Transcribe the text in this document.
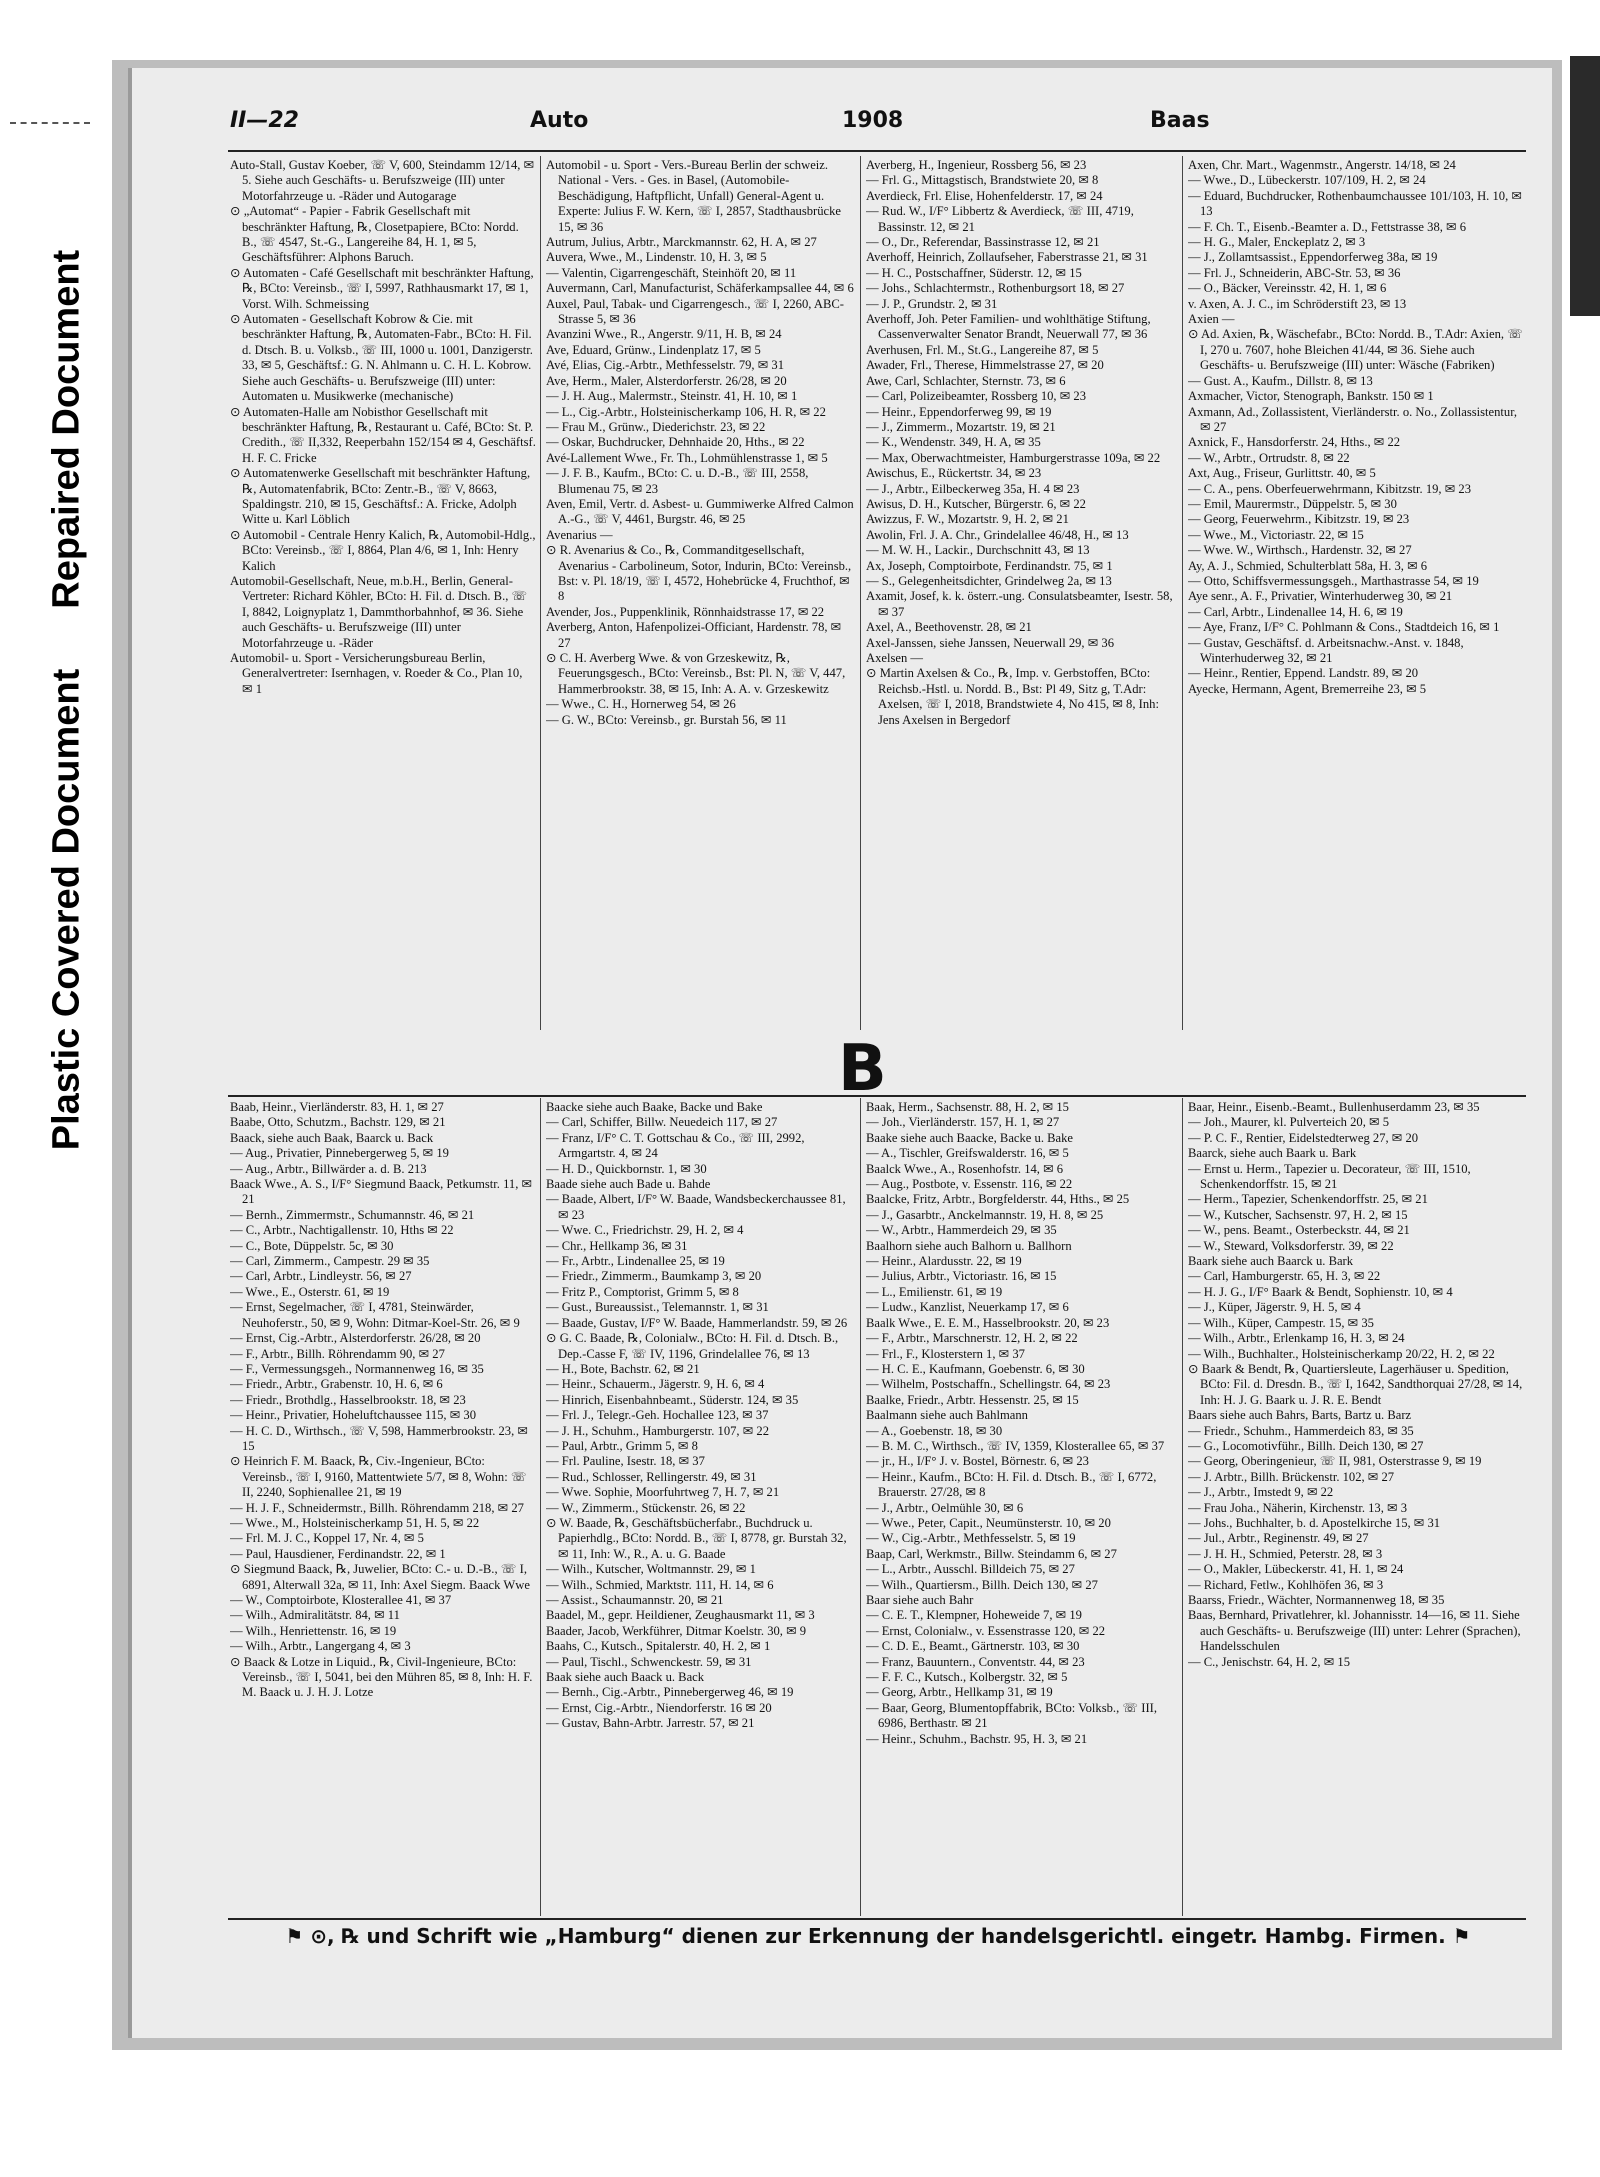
Plastic Covered DocumentRepaired Document
II—22	Auto	1908	Baas

Auto-Stall, Gustav Koeber, ☏ V, 600, Steindamm 12/14, ✉ 5. Siehe auch Geschäfts- u. Berufszweige (III) unter Motorfahrzeuge u. -Räder und Autogarage

⊙ „Automat“ - Papier - Fabrik Gesellschaft mit beschränkter Haftung, ℞, Closetpapiere, BCto: Nordd. B., ☏ 4547, St.-G., Langereihe 84, H. 1, ✉ 5, Geschäftsführer: Alphons Baruch.

⊙ Automaten - Café Gesellschaft mit beschränkter Haftung, ℞, BCto: Vereinsb., ☏ I, 5997, Rathhausmarkt 17, ✉ 1, Vorst. Wilh. Schmeissing

⊙ Automaten - Gesellschaft Kobrow & Cie. mit beschränkter Haftung, ℞, Automaten-Fabr., BCto: H. Fil. d. Dtsch. B. u. Volksb., ☏ III, 1000 u. 1001, Danzigerstr. 33, ✉ 5, Geschäftsf.: G. N. Ahlmann u. C. H. L. Kobrow. Siehe auch Geschäfts- u. Berufszweige (III) unter: Automaten u. Musikwerke (mechanische)

⊙ Automaten-Halle am Nobisthor Gesellschaft mit beschränkter Haftung, ℞, Restaurant u. Café, BCto: St. P. Credith., ☏ II,332, Reeperbahn 152/154 ✉ 4, Geschäftsf. H. F. C. Fricke

⊙ Automatenwerke Gesellschaft mit beschränkter Haftung, ℞, Automatenfabrik, BCto: Zentr.-B., ☏ V, 8663, Spaldingstr. 210, ✉ 15, Geschäftsf.: A. Fricke, Adolph Witte u. Karl Löblich

⊙ Automobil - Centrale Henry Kalich, ℞, Automobil-Hdlg., BCto: Vereinsb., ☏ I, 8864, Plan 4/6, ✉ 1, Inh: Henry Kalich

Automobil-Gesellschaft, Neue, m.b.H., Berlin, General-Vertreter: Richard Köhler, BCto: H. Fil. d. Dtsch. B., ☏ I, 8842, Loignyplatz 1, Dammthorbahnhof, ✉ 36. Siehe auch Geschäfts- u. Berufszweige (III) unter Motorfahrzeuge u. -Räder

Automobil- u. Sport - Versicherungsbureau Berlin, Generalvertreter: Isernhagen, v. Roeder & Co., Plan 10, ✉ 1

Automobil - u. Sport - Vers.-Bureau Berlin der schweiz. National - Vers. - Ges. in Basel, (Automobile-Beschädigung, Haftpflicht, Unfall) General-Agent u. Experte: Julius F. W. Kern, ☏ I, 2857, Stadthausbrücke 15, ✉ 36

Autrum, Julius, Arbtr., Marckmannstr. 62, H. A, ✉ 27

Auvera, Wwe., M., Lindenstr. 10, H. 3, ✉ 5

— Valentin, Cigarrengeschäft, Steinhöft 20, ✉ 11

Auvermann, Carl, Manufacturist, Schäferkampsallee 44, ✉ 6

Auxel, Paul, Tabak- und Cigarrengesch., ☏ I, 2260, ABC-Strasse 5, ✉ 36

Avanzini Wwe., R., Angerstr. 9/11, H. B, ✉ 24

Ave, Eduard, Grünw., Lindenplatz 17, ✉ 5

Avé, Elias, Cig.-Arbtr., Methfesselstr. 79, ✉ 31

Ave, Herm., Maler, Alsterdorferstr. 26/28, ✉ 20

— J. H. Aug., Malermstr., Steinstr. 41, H. 10, ✉ 1

— L., Cig.-Arbtr., Holsteinischerkamp 106, H. R, ✉ 22

— Frau M., Grünw., Diederichstr. 23, ✉ 22

— Oskar, Buchdrucker, Dehnhaide 20, Hths., ✉ 22

Avé-Lallement Wwe., Fr. Th., Lohmühlenstrasse 1, ✉ 5

— J. F. B., Kaufm., BCto: C. u. D.-B., ☏ III, 2558, Blumenau 75, ✉ 23

Aven, Emil, Vertr. d. Asbest- u. Gummiwerke Alfred Calmon A.-G., ☏ V, 4461, Burgstr. 46, ✉ 25

Avenarius —

⊙ R. Avenarius & Co., ℞, Commanditgesellschaft, Avenarius - Carbolineum, Sotor, Indurin, BCto: Vereinsb., Bst: v. Pl. 18/19, ☏ I, 4572, Hohebrücke 4, Fruchthof, ✉ 8

Avender, Jos., Puppenklinik, Rönnhaidstrasse 17, ✉ 22

Averberg, Anton, Hafenpolizei-Officiant, Hardenstr. 78, ✉ 27

⊙ C. H. Averberg Wwe. & von Grzeskewitz, ℞, Feuerungsgesch., BCto: Vereinsb., Bst: Pl. N, ☏ V, 447, Hammerbrookstr. 38, ✉ 15, Inh: A. A. v. Grzeskewitz

— Wwe., C. H., Hornerweg 54, ✉ 26

— G. W., BCto: Vereinsb., gr. Burstah 56, ✉ 11

Averberg, H., Ingenieur, Rossberg 56, ✉ 23

— Frl. G., Mittagstisch, Brandstwiete 20, ✉ 8

Averdieck, Frl. Elise, Hohenfelderstr. 17, ✉ 24

— Rud. W., I/F° Libbertz & Averdieck, ☏ III, 4719, Bassinstr. 12, ✉ 21

— O., Dr., Referendar, Bassinstrasse 12, ✉ 21

Averhoff, Heinrich, Zollaufseher, Faberstrasse 21, ✉ 31

— H. C., Postschaffner, Süderstr. 12, ✉ 15

— Johs., Schlachtermstr., Rothenburgsort 18, ✉ 27

— J. P., Grundstr. 2, ✉ 31

Averhoff, Joh. Peter Familien- und wohlthätige Stiftung, Cassenverwalter Senator Brandt, Neuerwall 77, ✉ 36

Averhusen, Frl. M., St.G., Langereihe 87, ✉ 5

Awader, Frl., Therese, Himmelstrasse 27, ✉ 20

Awe, Carl, Schlachter, Sternstr. 73, ✉ 6

— Carl, Polizeibeamter, Rossberg 10, ✉ 23

— Heinr., Eppendorferweg 99, ✉ 19

— J., Zimmerm., Mozartstr. 19, ✉ 21

— K., Wendenstr. 349, H. A, ✉ 35

— Max, Oberwachtmeister, Hamburgerstrasse 109a, ✉ 22

Awischus, E., Rückertstr. 34, ✉ 23

— J., Arbtr., Eilbeckerweg 35a, H. 4 ✉ 23

Awisus, D. H., Kutscher, Bürgerstr. 6, ✉ 22

Awizzus, F. W., Mozartstr. 9, H. 2, ✉ 21

Awolin, Frl. J. A. Chr., Grindelallee 46/48, H., ✉ 13

— M. W. H., Lackir., Durchschnitt 43, ✉ 13

Ax, Joseph, Comptoirbote, Ferdinandstr. 75, ✉ 1

— S., Gelegenheitsdichter, Grindelweg 2a, ✉ 13

Axamit, Josef, k. k. österr.-ung. Consulatsbeamter, Isestr. 58, ✉ 37

Axel, A., Beethovenstr. 28, ✉ 21

Axel-Janssen, siehe Janssen, Neuerwall 29, ✉ 36

Axelsen —

⊙ Martin Axelsen & Co., ℞, Imp. v. Gerbstoffen, BCto: Reichsb.-Hstl. u. Nordd. B., Bst: Pl 49, Sitz g, T.Adr: Axelsen, ☏ I, 2018, Brandstwiete 4, No 415, ✉ 8, Inh: Jens Axelsen in Bergedorf

Axen, Chr. Mart., Wagenmstr., Angerstr. 14/18, ✉ 24

— Wwe., D., Lübeckerstr. 107/109, H. 2, ✉ 24

— Eduard, Buchdrucker, Rothenbaumchaussee 101/103, H. 10, ✉ 13

— F. Ch. T., Eisenb.-Beamter a. D., Fettstrasse 38, ✉ 6

— H. G., Maler, Enckeplatz 2, ✉ 3

— J., Zollamtsassist., Eppendorferweg 38a, ✉ 19

— Frl. J., Schneiderin, ABC-Str. 53, ✉ 36

— O., Bäcker, Vereinsstr. 42, H. 1, ✉ 6

v. Axen, A. J. C., im Schröderstift 23, ✉ 13

Axien —

⊙ Ad. Axien, ℞, Wäschefabr., BCto: Nordd. B., T.Adr: Axien, ☏ I, 270 u. 7607, hohe Bleichen 41/44, ✉ 36. Siehe auch Geschäfts- u. Berufszweige (III) unter: Wäsche (Fabriken)

— Gust. A., Kaufm., Dillstr. 8, ✉ 13

Axmacher, Victor, Stenograph, Bankstr. 150 ✉ 1

Axmann, Ad., Zollassistent, Vierländerstr. o. No., Zollassistentur, ✉ 27

Axnick, F., Hansdorferstr. 24, Hths., ✉ 22

— W., Arbtr., Ortrudstr. 8, ✉ 22

Axt, Aug., Friseur, Gurlittstr. 40, ✉ 5

— C. A., pens. Oberfeuerwehrmann, Kibitzstr. 19, ✉ 23

— Emil, Maurermstr., Düppelstr. 5, ✉ 30

— Georg, Feuerwehrm., Kibitzstr. 19, ✉ 23

— Wwe., M., Victoriastr. 22, ✉ 15

— Wwe. W., Wirthsch., Hardenstr. 32, ✉ 27

Ay, A. J., Schmied, Schulterblatt 58a, H. 3, ✉ 6

— Otto, Schiffsvermessungsgeh., Marthastrasse 54, ✉ 19

Aye senr., A. F., Privatier, Winterhuderweg 30, ✉ 21

— Carl, Arbtr., Lindenallee 14, H. 6, ✉ 19

— Aye, Franz, I/F° C. Pohlmann & Cons., Stadtdeich 16, ✉ 1

— Gustav, Geschäftsf. d. Arbeitsnachw.-Anst. v. 1848, Winterhuderweg 32, ✉ 21

— Heinr., Rentier, Eppend. Landstr. 89, ✉ 20

Ayecke, Hermann, Agent, Bremerreihe 23, ✉ 5

B

Baab, Heinr., Vierländerstr. 83, H. 1, ✉ 27

Baabe, Otto, Schutzm., Bachstr. 129, ✉ 21

Baack, siehe auch Baak, Baarck u. Back

— Aug., Privatier, Pinnebergerweg 5, ✉ 19

— Aug., Arbtr., Billwärder a. d. B. 213

Baack Wwe., A. S., I/F° Siegmund Baack, Petkumstr. 11, ✉ 21

— Bernh., Zimmermstr., Schumannstr. 46, ✉ 21

— C., Arbtr., Nachtigallenstr. 10, Hths ✉ 22

— C., Bote, Düppelstr. 5c, ✉ 30

— Carl, Zimmerm., Campestr. 29 ✉ 35

— Carl, Arbtr., Lindleystr. 56, ✉ 27

— Wwe., E., Osterstr. 61, ✉ 19

— Ernst, Segelmacher, ☏ I, 4781, Steinwärder, Neuhoferstr., 50, ✉ 9, Wohn: Ditmar-Koel-Str. 26, ✉ 9

— Ernst, Cig.-Arbtr., Alsterdorferstr. 26/28, ✉ 20

— F., Arbtr., Billh. Röhrendamm 90, ✉ 27

— F., Vermessungsgeh., Normannenweg 16, ✉ 35

— Friedr., Arbtr., Grabenstr. 10, H. 6, ✉ 6

— Friedr., Brothdlg., Hasselbrookstr. 18, ✉ 23

— Heinr., Privatier, Hoheluftchaussee 115, ✉ 30

— H. C. D., Wirthsch., ☏ V, 598, Hammerbrookstr. 23, ✉ 15

⊙ Heinrich F. M. Baack, ℞, Civ.-Ingenieur, BCto: Vereinsb., ☏ I, 9160, Mattentwiete 5/7, ✉ 8, Wohn: ☏ II, 2240, Sophienallee 21, ✉ 19

— H. J. F., Schneidermstr., Billh. Röhrendamm 218, ✉ 27

— Wwe., M., Holsteinischerkamp 51, H. 5, ✉ 22

— Frl. M. J. C., Koppel 17, Nr. 4, ✉ 5

— Paul, Hausdiener, Ferdinandstr. 22, ✉ 1

⊙ Siegmund Baack, ℞, Juwelier, BCto: C.- u. D.-B., ☏ I, 6891, Alterwall 32a, ✉ 11, Inh: Axel Siegm. Baack Wwe

— W., Comptoirbote, Klosterallee 41, ✉ 37

— Wilh., Admiralitätstr. 84, ✉ 11

— Wilh., Henriettenstr. 16, ✉ 19

— Wilh., Arbtr., Langergang 4, ✉ 3

⊙ Baack & Lotze in Liquid., ℞, Civil-Ingenieure, BCto: Vereinsb., ☏ I, 5041, bei den Mühren 85, ✉ 8, Inh: H. F. M. Baack u. J. H. J. Lotze

Baacke siehe auch Baake, Backe und Bake

— Carl, Schiffer, Billw. Neuedeich 117, ✉ 27

— Franz, I/F° C. T. Gottschau & Co., ☏ III, 2992, Armgartstr. 4, ✉ 24

— H. D., Quickbornstr. 1, ✉ 30

Baade siehe auch Bade u. Bahde

— Baade, Albert, I/F° W. Baade, Wandsbeckerchaussee 81, ✉ 23

— Wwe. C., Friedrichstr. 29, H. 2, ✉ 4

— Chr., Hellkamp 36, ✉ 31

— Fr., Arbtr., Lindenallee 25, ✉ 19

— Friedr., Zimmerm., Baumkamp 3, ✉ 20

— Fritz P., Comptorist, Grimm 5, ✉ 8

— Gust., Bureaussist., Telemannstr. 1, ✉ 31

— Baade, Gustav, I/F° W. Baade, Hammerlandstr. 59, ✉ 26

⊙ G. C. Baade, ℞, Colonialw., BCto: H. Fil. d. Dtsch. B., Dep.-Casse F, ☏ IV, 1196, Grindelallee 76, ✉ 13

— H., Bote, Bachstr. 62, ✉ 21

— Heinr., Schauerm., Jägerstr. 9, H. 6, ✉ 4

— Hinrich, Eisenbahnbeamt., Süderstr. 124, ✉ 35

— Frl. J., Telegr.-Geh. Hochallee 123, ✉ 37

— J. H., Schuhm., Hamburgerstr. 107, ✉ 22

— Paul, Arbtr., Grimm 5, ✉ 8

— Frl. Pauline, Isestr. 18, ✉ 37

— Rud., Schlosser, Rellingerstr. 49, ✉ 31

— Wwe. Sophie, Moorfuhrtweg 7, H. 7, ✉ 21

— W., Zimmerm., Stückenstr. 26, ✉ 22

⊙ W. Baade, ℞, Geschäftsbücherfabr., Buchdruck u. Papierhdlg., BCto: Nordd. B., ☏ I, 8778, gr. Burstah 32, ✉ 11, Inh: W., R., A. u. G. Baade

— Wilh., Kutscher, Woltmannstr. 29, ✉ 1

— Wilh., Schmied, Marktstr. 111, H. 14, ✉ 6

— Assist., Schaumannstr. 20, ✉ 21

Baadel, M., gepr. Heildiener, Zeughausmarkt 11, ✉ 3

Baader, Jacob, Werkführer, Ditmar Koelstr. 30, ✉ 9

Baahs, C., Kutsch., Spitalerstr. 40, H. 2, ✉ 1

— Paul, Tischl., Schwenckestr. 59, ✉ 31

Baak siehe auch Baack u. Back

— Bernh., Cig.-Arbtr., Pinnebergerweg 46, ✉ 19

— Ernst, Cig.-Arbtr., Niendorferstr. 16 ✉ 20

— Gustav, Bahn-Arbtr. Jarrestr. 57, ✉ 21

Baak, Herm., Sachsenstr. 88, H. 2, ✉ 15

— Joh., Vierländerstr. 157, H. 1, ✉ 27

Baake siehe auch Baacke, Backe u. Bake

— A., Tischler, Greifswalderstr. 16, ✉ 5

Baalck Wwe., A., Rosenhofstr. 14, ✉ 6

— Aug., Postbote, v. Essenstr. 116, ✉ 22

Baalcke, Fritz, Arbtr., Borgfelderstr. 44, Hths., ✉ 25

— J., Gasarbtr., Anckelmannstr. 19, H. 8, ✉ 25

— W., Arbtr., Hammerdeich 29, ✉ 35

Baalhorn siehe auch Balhorn u. Ballhorn

— Heinr., Alardusstr. 22, ✉ 19

— Julius, Arbtr., Victoriastr. 16, ✉ 15

— L., Emilienstr. 61, ✉ 19

— Ludw., Kanzlist, Neuerkamp 17, ✉ 6

Baalk Wwe., E. E. M., Hasselbrookstr. 20, ✉ 23

— F., Arbtr., Marschnerstr. 12, H. 2, ✉ 22

— Frl., F., Klosterstern 1, ✉ 37

— H. C. E., Kaufmann, Goebenstr. 6, ✉ 30

— Wilhelm, Postschaffn., Schellingstr. 64, ✉ 23

Baalke, Friedr., Arbtr. Hessenstr. 25, ✉ 15

Baalmann siehe auch Bahlmann

— A., Goebenstr. 18, ✉ 30

— B. M. C., Wirthsch., ☏ IV, 1359, Klosterallee 65, ✉ 37

— jr., H., I/F° J. v. Bostel, Börnestr. 6, ✉ 23

— Heinr., Kaufm., BCto: H. Fil. d. Dtsch. B., ☏ I, 6772, Brauerstr. 27/28, ✉ 8

— J., Arbtr., Oelmühle 30, ✉ 6

— Wwe., Peter, Capit., Neumünsterstr. 10, ✉ 20

— W., Cig.-Arbtr., Methfesselstr. 5, ✉ 19

Baap, Carl, Werkmstr., Billw. Steindamm 6, ✉ 27

— L., Arbtr., Ausschl. Billdeich 75, ✉ 27

— Wilh., Quartiersm., Billh. Deich 130, ✉ 27

Baar siehe auch Bahr

— C. E. T., Klempner, Hoheweide 7, ✉ 19

— Ernst, Colonialw., v. Essenstrasse 120, ✉ 22

— C. D. E., Beamt., Gärtnerstr. 103, ✉ 30

— Franz, Bauuntern., Conventstr. 44, ✉ 23

— F. F. C., Kutsch., Kolbergstr. 32, ✉ 5

— Georg, Arbtr., Hellkamp 31, ✉ 19

— Baar, Georg, Blumentopffabrik, BCto: Volksb., ☏ III, 6986, Berthastr. ✉ 21

— Heinr., Schuhm., Bachstr. 95, H. 3, ✉ 21

Baar, Heinr., Eisenb.-Beamt., Bullenhuserdamm 23, ✉ 35

— Joh., Maurer, kl. Pulverteich 20, ✉ 5

— P. C. F., Rentier, Eidelstedterweg 27, ✉ 20

Baarck, siehe auch Baark u. Bark

— Ernst u. Herm., Tapezier u. Decorateur, ☏ III, 1510, Schenkendorffstr. 15, ✉ 21

— Herm., Tapezier, Schenkendorffstr. 25, ✉ 21

— W., Kutscher, Sachsenstr. 97, H. 2, ✉ 15

— W., pens. Beamt., Osterbeckstr. 44, ✉ 21

— W., Steward, Volksdorferstr. 39, ✉ 22

Baark siehe auch Baarck u. Bark

— Carl, Hamburgerstr. 65, H. 3, ✉ 22

— H. J. G., I/F° Baark & Bendt, Sophienstr. 10, ✉ 4

— J., Küper, Jägerstr. 9, H. 5, ✉ 4

— Wilh., Küper, Campestr. 15, ✉ 35

— Wilh., Arbtr., Erlenkamp 16, H. 3, ✉ 24

— Wilh., Buchhalter., Holsteinischerkamp 20/22, H. 2, ✉ 22

⊙ Baark & Bendt, ℞, Quartiersleute, Lagerhäuser u. Spedition, BCto: Fil. d. Dresdn. B., ☏ I, 1642, Sandthorquai 27/28, ✉ 14, Inh: H. J. G. Baark u. J. R. E. Bendt

Baars siehe auch Bahrs, Barts, Bartz u. Barz

— Friedr., Schuhm., Hammerdeich 83, ✉ 35

— G., Locomotivführ., Billh. Deich 130, ✉ 27

— Georg, Oberingenieur, ☏ II, 981, Osterstrasse 9, ✉ 19

— J. Arbtr., Billh. Brückenstr. 102, ✉ 27

— J., Arbtr., Imstedt 9, ✉ 22

— Frau Joha., Näherin, Kirchenstr. 13, ✉ 3

— Johs., Buchhalter, b. d. Apostelkirche 15, ✉ 31

— Jul., Arbtr., Reginenstr. 49, ✉ 27

— J. H. H., Schmied, Peterstr. 28, ✉ 3

— O., Makler, Lübeckerstr. 41, H. 1, ✉ 24

— Richard, Fetlw., Kohlhöfen 36, ✉ 3

Baarss, Friedr., Wächter, Normannenweg 18, ✉ 35

Baas, Bernhard, Privatlehrer, kl. Johannisstr. 14—16, ✉ 11. Siehe auch Geschäfts- u. Berufszweige (III) unter: Lehrer (Sprachen), Handelsschulen

— C., Jenischstr. 64, H. 2, ✉ 15

⚑ ⊙, ℞ und Schrift wie „Hamburg“ dienen zur Erkennung der handelsgerichtl. eingetr. Hambg. Firmen. ⚑
